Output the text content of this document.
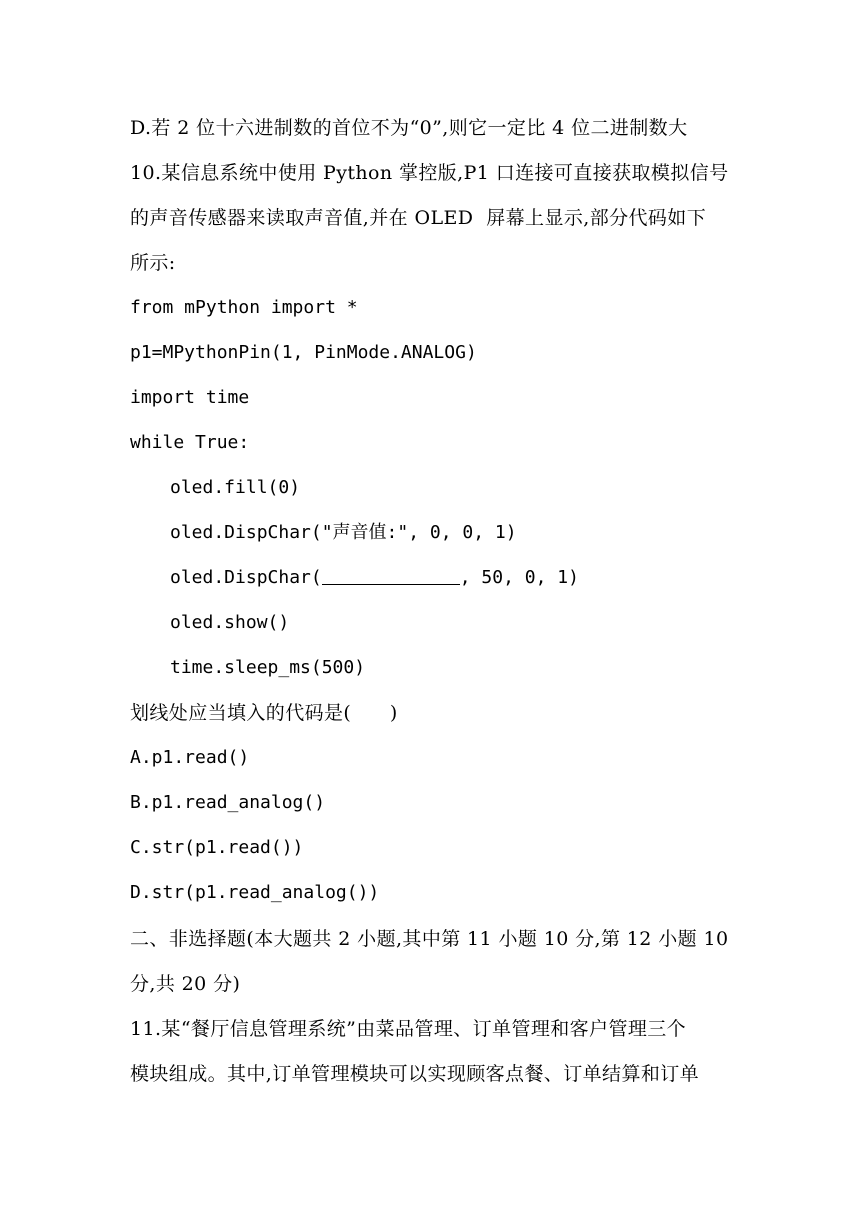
D.若 2 位十六进制数的首位不为“0”,则它一定比 4 位二进制数大
10.某信息系统中使用 Python 掌控版,P1 口连接可直接获取模拟信号
的声音传感器来读取声音值,并在 OLED  屏幕上显示,部分代码如下
所示:
from mPython import *
p1=MPythonPin(1, PinMode.ANALOG)
import time
while True:
oled.fill(0)
oled.DispChar("声音值:", 0, 0, 1)
oled.DispChar(	, 50, 0, 1)
oled.show()
time.sleep_ms(500)
划线处应当填入的代码是(      )
A.p1.read()
B.p1.read_analog()
C.str(p1.read())
D.str(p1.read_analog())
二、非选择题(本大题共 2 小题,其中第 11 小题 10 分,第 12 小题 10
分,共 20 分)
11.某“餐厅信息管理系统”由菜品管理、订单管理和客户管理三个
模块组成。其中,订单管理模块可以实现顾客点餐、订单结算和订单
